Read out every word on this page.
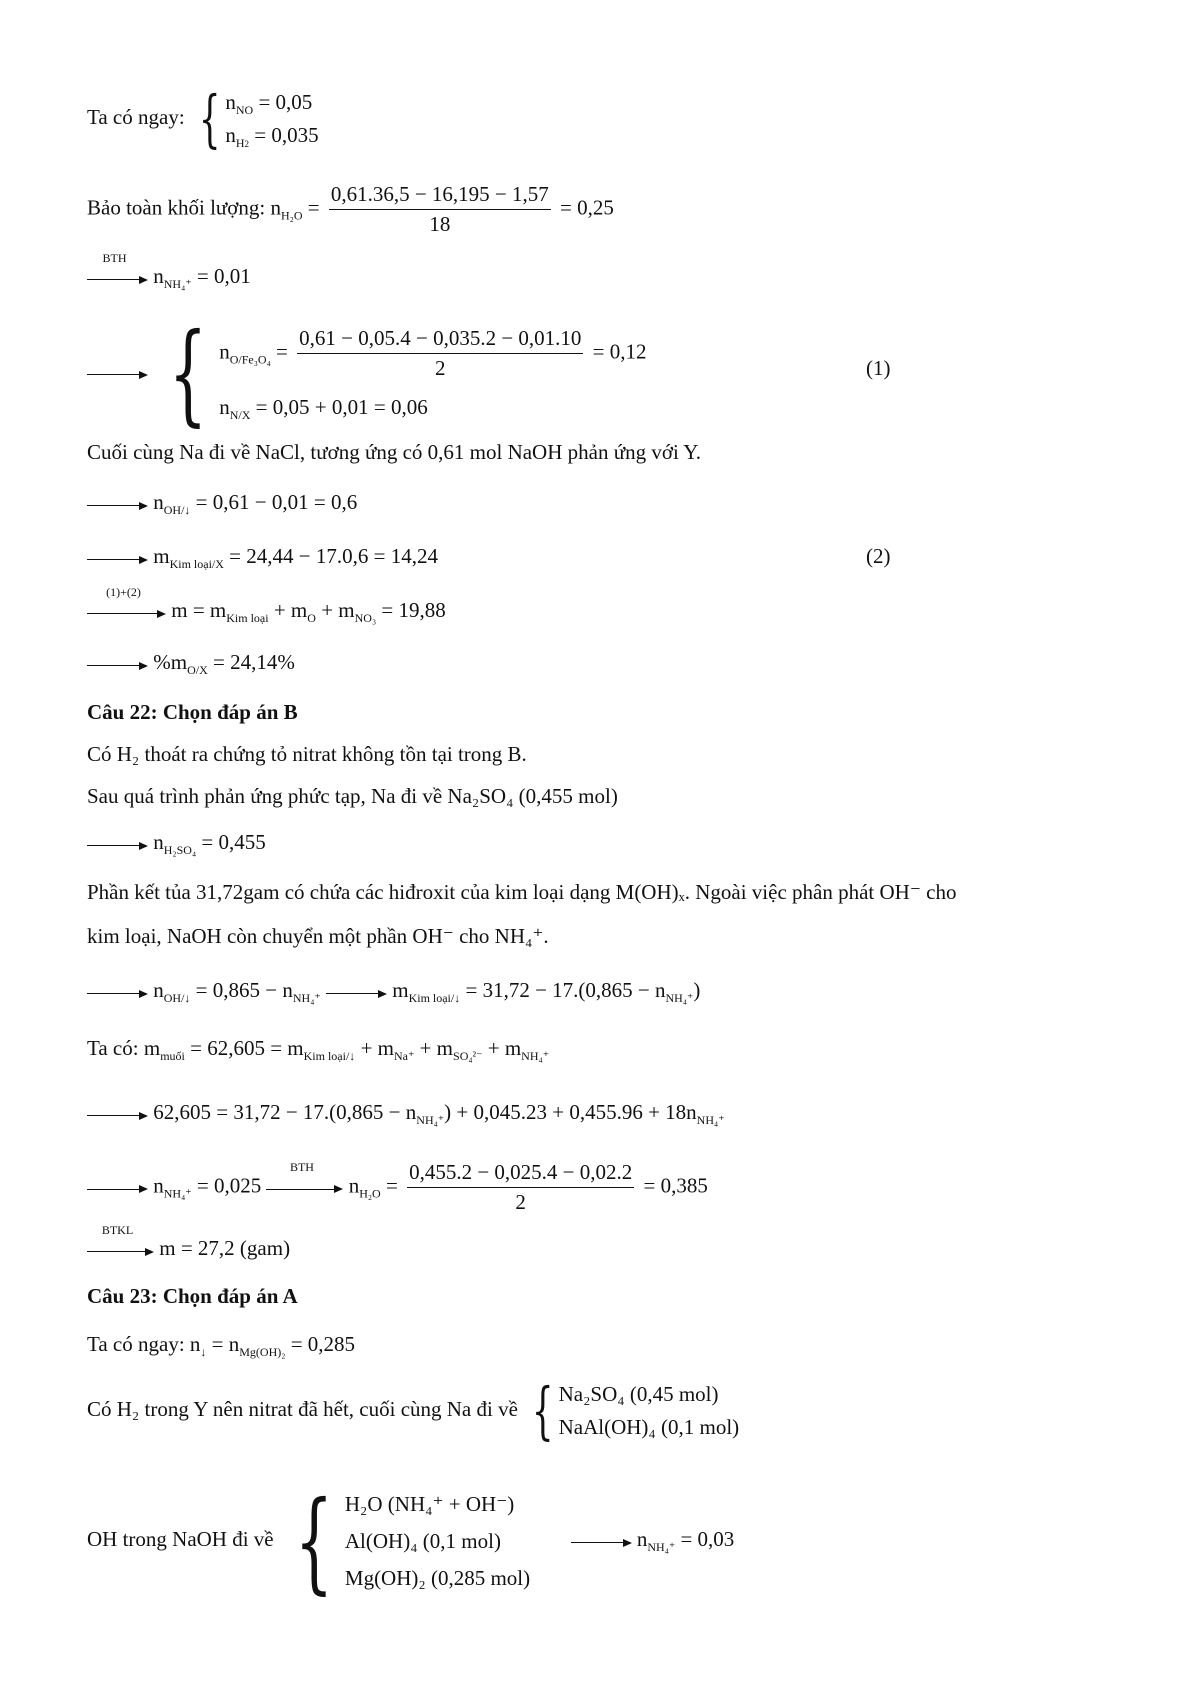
Ta có ngay: { $n_{NO} = 0,05$
$n_{H2} = 0,035$
Bảo toàn khối lượng: $n_{H_2O} = \frac{0,61.36,5 - 16,195 - 1,57}{18} = 0,25$
BTH
$n_{NH_4^+} = 0,01$

{ $n_{O/Fe_3O_4} = \frac{0,61 - 0,05.4 - 0,035.2 - 0,01.10}{2} = 0,12$
$n_{N/X} = 0,05 + 0,01 = 0,06$
(1)
Cuối cùng Na đi về NaCl, tương ứng có 0,61 mol NaOH phản ứng với Y.
$n_{OH/↓} = 0,61 - 0,01 = 0,6$
$m_{Kim loại/X} = 24,44 - 17.0,6 = 14,24$	(2)
(1)+(2)
$m = m_{Kim loại} + m_O + m_{NO_3} = 19,88$
$\%m_{O/X} = 24,14\%$
Câu 22: Chọn đáp án B
Có H₂ thoát ra chứng tỏ nitrat không tồn tại trong B.
Sau quá trình phản ứng phức tạp, Na đi về Na₂SO₄ (0,455 mol)
$n_{H_2SO_4} = 0,455$
Phần kết tủa 31,72gam có chứa các hiđroxit của kim loại dạng M(OH)ₓ. Ngoài việc phân phát OH⁻ cho
kim loại, NaOH còn chuyển một phần OH⁻ cho NH₄⁺.
$n_{OH/↓} = 0,865 - n_{NH_4^+}$	$m_{Kim loại/↓} = 31,72 - 17.(0,865 - n_{NH_4^+})$
Ta có: $m_{muối} = 62,605 = m_{Kim loại/↓} + m_{Na^+} + m_{SO_4^{2-}} + m_{NH_4^+}$
$62,605 = 31,72 - 17.(0,865 - n_{NH_4^+}) + 0,045.23 + 0,455.96 + 18n_{NH_4^+}$
$n_{NH_4^+} = 0,025$
BTH
$n_{H_2O} = \frac{0,455.2 - 0,025.4 - 0,02.2}{2} = 0,385$
BTKL
m = 27,2 (gam)
Câu 23: Chọn đáp án A
Ta có ngay: $n_↓ = n_{Mg(OH)_2} = 0,285$
Có H₂ trong Y nên nitrat đã hết, cuối cùng Na đi về { Na₂SO₄ (0,45 mol)
NaAl(OH)₄ (0,1 mol)
OH trong NaOH đi về { H₂O (NH₄⁺ + OH⁻)
Al(OH)₄ (0,1 mol)
Mg(OH)₂ (0,285 mol)
$n_{NH_4^+} = 0,03$
